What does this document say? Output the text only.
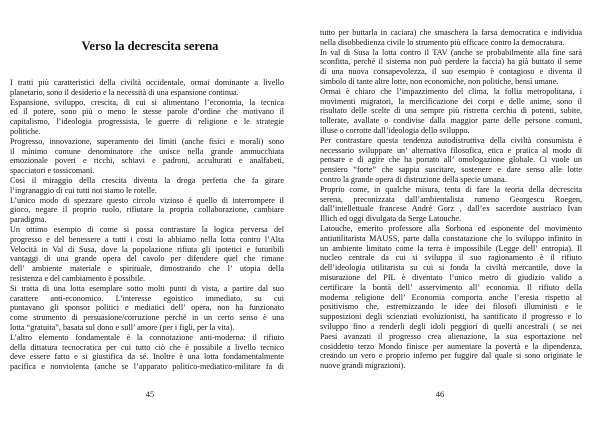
Verso la decrescita serena
I tratti più caratteristici della civiltà occidentale, ormai dominante a livello
planetario, sono il desiderio e la necessità di una espansione continua.
Espansione, sviluppo, crescita, di cui si alimentano l’economia, la tecnica
ed il potere, sono più o meno le stesse parole d’ordine che motivano il
capitalismo, l’ideologia progressista, le guerre di religione e le strategie
politiche.
Progresso, innovazione, superamento dei limiti (anche fisici e morali) sono
il minimo comune denominatore che unisce nella grande ammucchiata
emozionale poveri e ricchi, schiavi e padroni, acculturati e analfabeti,
spacciatori e tossicomani.
Così il miraggio della crescita diventa la droga perfetta che fa girare
l’ingranaggio di cui tutti noi siamo le rotelle.
L’unico modo di spezzare questo circolo vizioso è quello di interrompere il
gioco, negare il proprio ruolo, rifiutare la propria collaborazione, cambiare
paradigma.
Un ottimo esempio di come si possa contrastare la logica perversa del
progresso e del benessere a tutti i costi lo abbiamo nella lotta contro l’Alta
Velocità in Val di Susa, dove la popolazione rifiuta gli ipotetici e futuribili
vantaggi di una grande opera del cavolo per difendere quel che rimane
dell’ ambiente materiale e spirituale, dimostrando che l’ utopia della
resistenza e del cambiamento è possibile.
Si tratta di una lotta esemplare sotto molti punti di vista, a partire dal suo
carattere anti-economico. L’interesse egoistico immediato, su cui
puntavano gli sponsor politici e mediatici dell’ opera, non ha funzionato
come strumento di persuasione/corruzione perché in un certo senso è una
lotta “gratuita”, basata sul dono e sull’ amore (per i figli, per la vita).
L’altro elemento fondamentale è la connotazione anti-moderna: il rifiuto
della dittatura tecnocratica per cui tutto ciò che è possibile a livello tecnico
deve essere fatto e si giustifica da sé. Inoltre è una lotta fondamentalmente
pacifica e nonviolenta (anche se l’apparato politico-mediatico-militare fa di
45
tutto per buttarla in caciara) che smaschera la farsa democratica e individua
nella disobbedienza civile lo strumento più efficace contro la democratura.
In val di Susa la lotta contro il TAV (anche se probabilmente alla fine sarà
sconfitta, perché il sistema non può perdere la faccia) ha già buttato il seme
di una nuova consapevolezza, il suo esempio è contagioso e diventa il
simbolo di tante altre lotte, non economiche, non politiche, bensì umane.
Ormai è chiaro che l’impazzimento del clima, la follia metropolitana, i
movimenti migratori, la mercificazione dei corpi e delle anime, sono il
risultato delle scelte di una sempre più ristretta cerchia di potenti, subite,
tollerate, avallate o condivise dalla maggior parte delle persone comuni,
illuse o corrotte dall’ideologia dello sviluppo.
Per contrastare questa tendenza autodistruttiva della civiltà consumista è
necessario sviluppare un’ alternativa filosofica, etica e pratica al modo di
pensare e di agire che ha portato all’ omologazione globale. Ci vuole un
pensiero “forte” che sappia suscitare, sostenere e dare senso alle lotte
contro la grande opera di distruzione della specie umana.
Proprio come, in qualche misura, tenta di fare la teoria della decrescita
serena, preconizzata dall’ambientalista rumeno Georgescu Roegen,
dall’intellettuale francese André Gorz , dall’ex sacerdote austriaco Ivan
Illich ed oggi divulgata da Serge Latouche.
Latouche, emerito professore alla Sorbona ed esponente del movimento
antiutilitarista MAUSS, parte dalla constatazione che lo sviluppo infinito in
un ambiente limitato come la terra è impossibile (Legge dell’ entropia). Il
nucleo centrale da cui si sviluppa il suo ragionamento è il rifiuto
dell’ideologia utilitarista su cui si fonda la civiltà mercantile, dove la
misurazione del PIL è diventato l’unico metro di giudizio valido a
certificare la bontà dell’ asservimento all’ economia. Il rifiuto della
moderna religione dell’ Economia comporta anche l’eresia rispetto al
positivismo che, estremizzando le idee dei filosofi illuministi e le
supposizioni degli scienziati evoluzionisti, ha santificato il progresso e lo
sviluppo fino a renderli degli idoli peggiori di quelli ancestrali ( se nei
Paesi avanzati il progresso crea alienazione, la sua esportazione nel
cosiddetto terzo Mondo finisce per aumentare la povertà e la dipendenza,
creando un vero e proprio inferno per fuggire dal quale si sono originate le
nuove grandi migrazioni).
46
